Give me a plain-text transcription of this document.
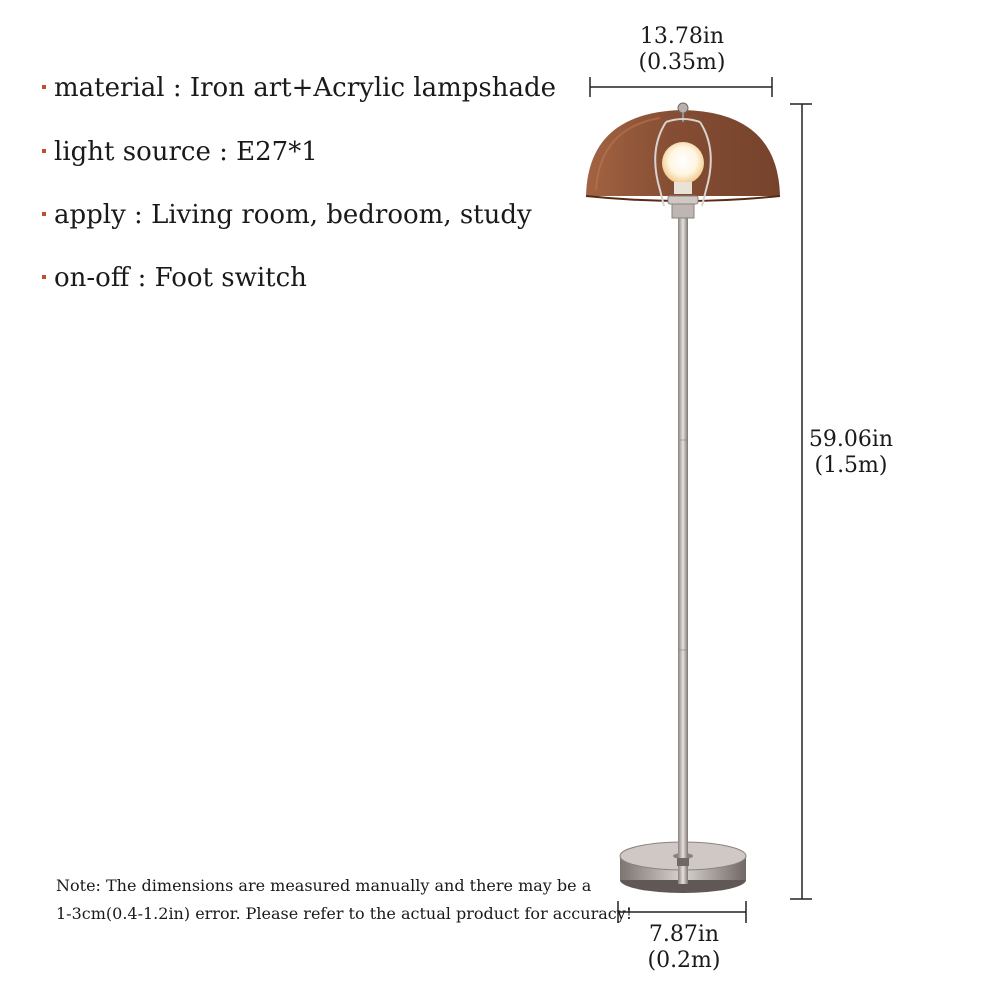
material : Iron art+Acrylic lampshade
light source : E27*1
apply : Living room, bedroom, study
on-off : Foot switch
13.78in
(0.35m)
59.06in
(1.5m)
7.87in
(0.2m)
Note: The dimensions are measured manually and there may be a
1-3cm(0.4-1.2in) error. Please refer to the actual product for accuracy!
